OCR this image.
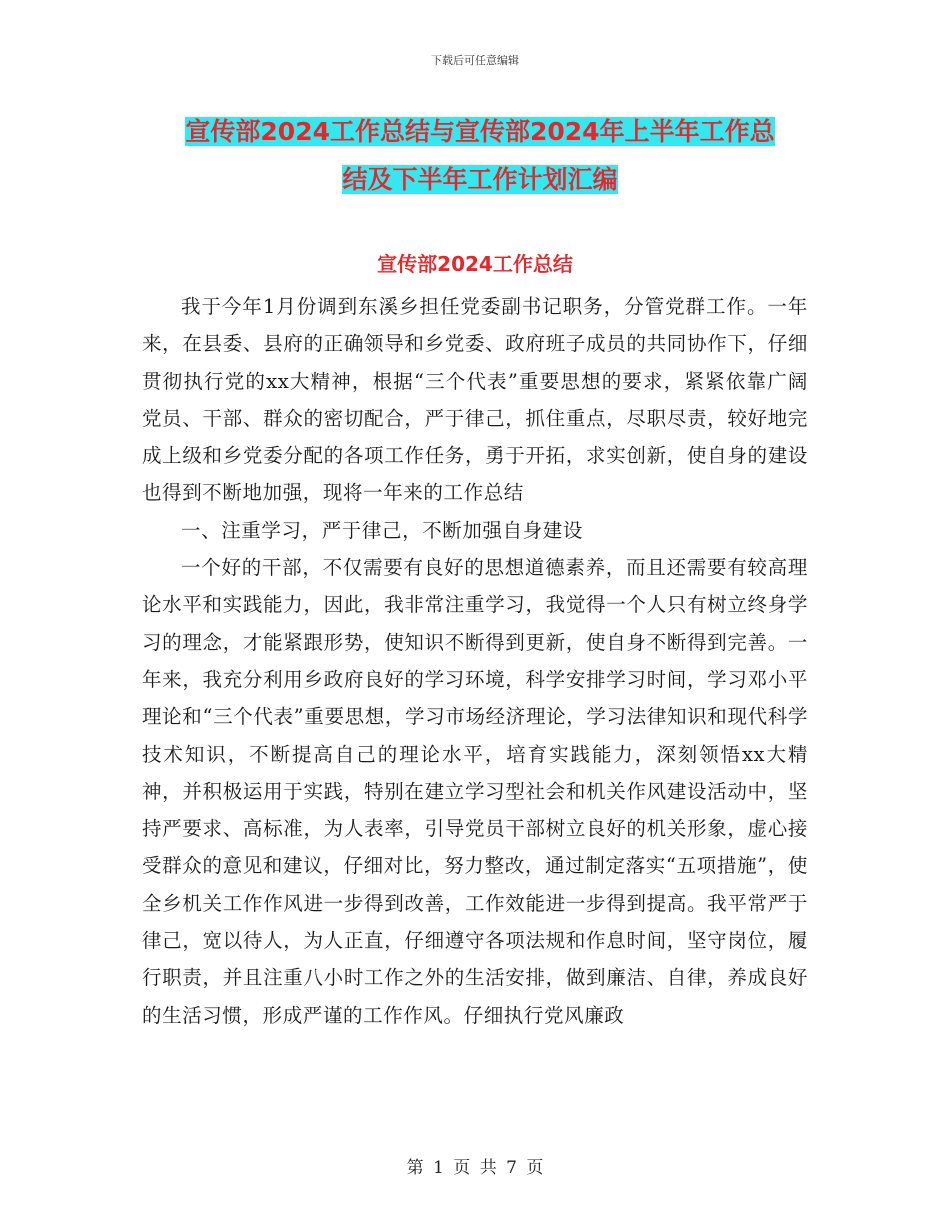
下载后可任意编辑
宣传部2024工作总结与宣传部2024年上半年工作总
结及下半年工作计划汇编
宣传部2024工作总结

我于今年1月份调到东溪乡担任党委副书记职务，分管党群工作。一年来，在县委、县府的正确领导和乡党委、政府班子成员的共同协作下，仔细贯彻执行党的xx大精神，根据“三个代表”重要思想的要求，紧紧依靠广阔党员、干部、群众的密切配合，严于律己，抓住重点，尽职尽责，较好地完成上级和乡党委分配的各项工作任务，勇于开拓，求实创新，使自身的建设也得到不断地加强，现将一年来的工作总结

一、注重学习，严于律己，不断加强自身建设

一个好的干部，不仅需要有良好的思想道德素养，而且还需要有较高理论水平和实践能力，因此，我非常注重学习，我觉得一个人只有树立终身学习的理念，才能紧跟形势，使知识不断得到更新，使自身不断得到完善。一年来，我充分利用乡政府良好的学习环境，科学安排学习时间，学习邓小平理论和“三个代表”重要思想，学习市场经济理论，学习法律知识和现代科学技术知识，不断提高自己的理论水平，培育实践能力，深刻领悟xx大精神，并积极运用于实践，特别在建立学习型社会和机关作风建设活动中，坚持严要求、高标准，为人表率，引导党员干部树立良好的机关形象，虚心接受群众的意见和建议，仔细对比，努力整改，通过制定落实“五项措施”，使全乡机关工作作风进一步得到改善，工作效能进一步得到提高。我平常严于律己，宽以待人，为人正直，仔细遵守各项法规和作息时间，坚守岗位，履行职责，并且注重八小时工作之外的生活安排，做到廉洁、自律，养成良好的生活习惯，形成严谨的工作作风。仔细执行党风廉政

第 1 页 共 7 页
